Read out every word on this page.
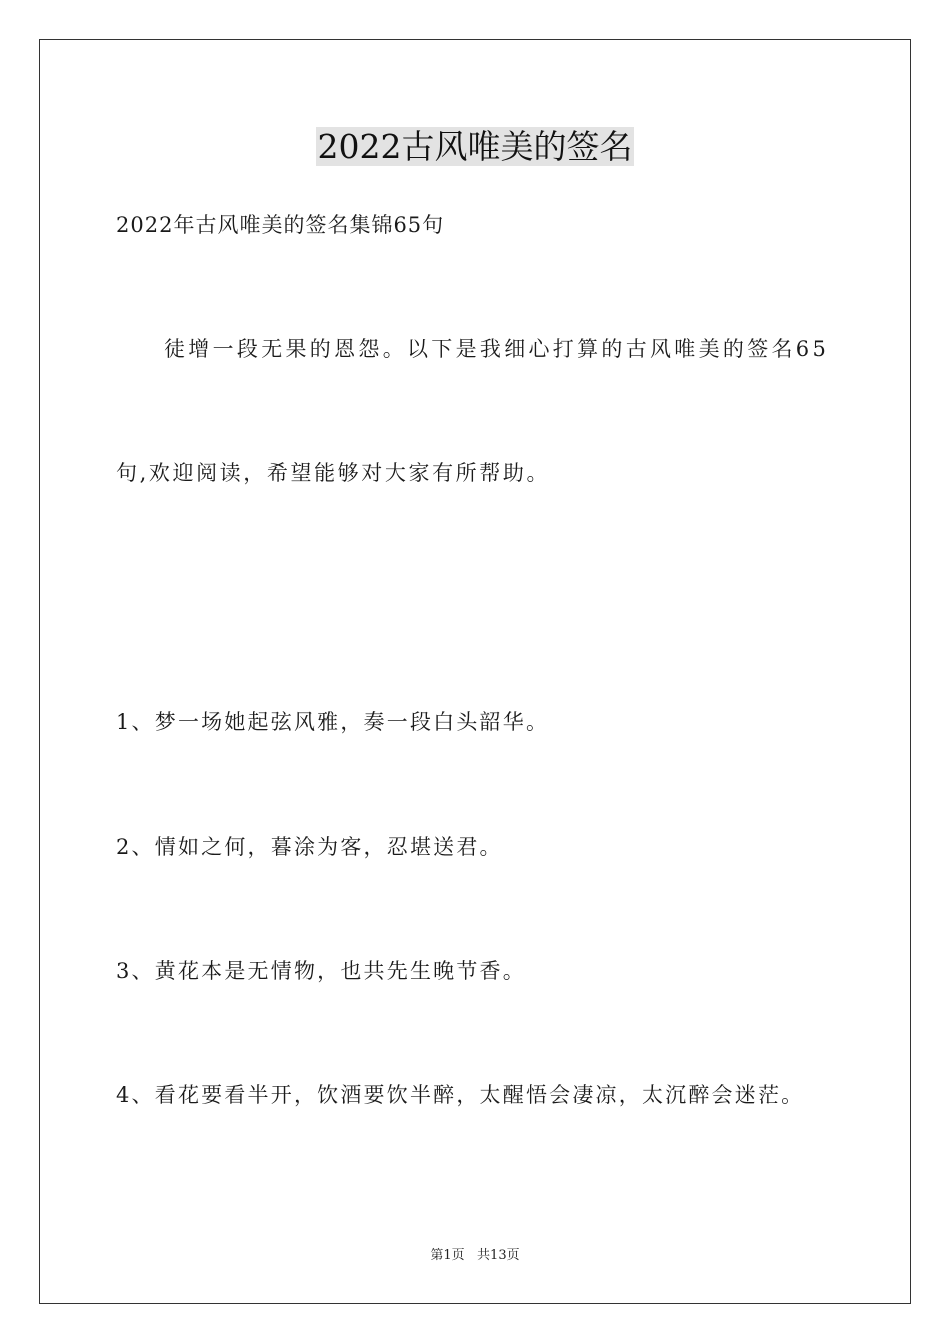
2022古风唯美的签名
2022年古风唯美的签名集锦65句
徒增一段无果的恩怨。以下是我细心打算的古风唯美的签名65
句,欢迎阅读，希望能够对大家有所帮助。
1、梦一场她起弦风雅，奏一段白头韶华。
2、情如之何，暮涂为客，忍堪送君。
3、黄花本是无情物，也共先生晚节香。
4、看花要看半开，饮酒要饮半醉，太醒悟会凄凉，太沉醉会迷茫。
第1页   共13页
